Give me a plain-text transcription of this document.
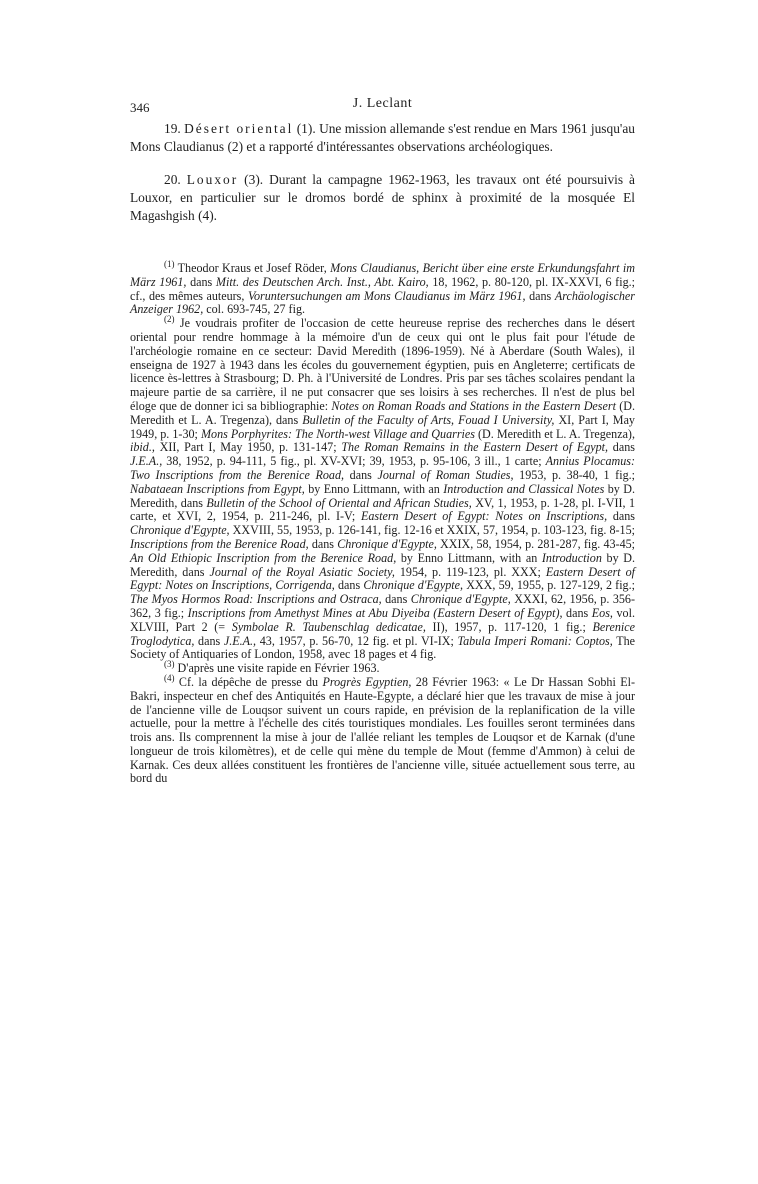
346	J. Leclant

19. Désert oriental (1). Une mission allemande s'est rendue en Mars 1961 jusqu'au Mons Claudianus (2) et a rapporté d'intéressantes observations archéologiques.

20. Louxor (3). Durant la campagne 1962-1963, les travaux ont été poursuivis à Louxor, en particulier sur le dromos bordé de sphinx à proximité de la mosquée El Magashgish (4).

$^{(1)}$ Theodor Kraus et Josef Röder, Mons Claudianus, Bericht über eine erste Erkundungsfahrt im März 1961, dans Mitt. des Deutschen Arch. Inst., Abt. Kairo, 18, 1962, p. 80-120, pl. IX-XXVI, 6 fig.; cf., des mêmes auteurs, Voruntersuchungen am Mons Claudianus im März 1961, dans Archäologischer Anzeiger 1962, col. 693-745, 27 fig.

$^{(2)}$ Je voudrais profiter de l'occasion de cette heureuse reprise des recherches dans le désert oriental pour rendre hommage à la mémoire d'un de ceux qui ont le plus fait pour l'étude de l'archéologie romaine en ce secteur: David Meredith (1896-1959). Né à Aberdare (South Wales), il enseigna de 1927 à 1943 dans les écoles du gouvernement égyptien, puis en Angleterre; certificats de licence ès-lettres à Strasbourg; D. Ph. à l'Université de Londres. Pris par ses tâches scolaires pendant la majeure partie de sa carrière, il ne put consacrer que ses loisirs à ses recherches. Il n'est de plus bel éloge que de donner ici sa bibliographie: Notes on Roman Roads and Stations in the Eastern Desert (D. Meredith et L. A. Tregenza), dans Bulletin of the Faculty of Arts, Fouad I University, XI, Part I, May 1949, p. 1-30; Mons Porphyrites: The North-west Village and Quarries (D. Meredith et L. A. Tregenza), ibid., XII, Part I, May 1950, p. 131-147; The Roman Remains in the Eastern Desert of Egypt, dans J.E.A., 38, 1952, p. 94-111, 5 fig., pl. XV-XVI; 39, 1953, p. 95-106, 3 ill., 1 carte; Annius Plocamus: Two Inscriptions from the Berenice Road, dans Journal of Roman Studies, 1953, p. 38-40, 1 fig.; Nabataean Inscriptions from Egypt, by Enno Littmann, with an Introduction and Classical Notes by D. Meredith, dans Bulletin of the School of Oriental and African Studies, XV, 1, 1953, p. 1-28, pl. I-VII, 1 carte, et XVI, 2, 1954, p. 211-246, pl. I-V; Eastern Desert of Egypt: Notes on Inscriptions, dans Chronique d'Egypte, XXVIII, 55, 1953, p. 126-141, fig. 12-16 et XXIX, 57, 1954, p. 103-123, fig. 8-15; Inscriptions from the Berenice Road, dans Chronique d'Egypte, XXIX, 58, 1954, p. 281-287, fig. 43-45; An Old Ethiopic Inscription from the Berenice Road, by Enno Littmann, with an Introduction by D. Meredith, dans Journal of the Royal Asiatic Society, 1954, p. 119-123, pl. XXX; Eastern Desert of Egypt: Notes on Inscriptions, Corrigenda, dans Chronique d'Egypte, XXX, 59, 1955, p. 127-129, 2 fig.; The Myos Hormos Road: Inscriptions and Ostraca, dans Chronique d'Egypte, XXXI, 62, 1956, p. 356-362, 3 fig.; Inscriptions from Amethyst Mines at Abu Diyeiba (Eastern Desert of Egypt), dans Eos, vol. XLVIII, Part 2 (= Symbolae R. Taubenschlag dedicatae, II), 1957, p. 117-120, 1 fig.; Berenice Troglodytica, dans J.E.A., 43, 1957, p. 56-70, 12 fig. et pl. VI-IX; Tabula Imperi Romani: Coptos, The Society of Antiquaries of London, 1958, avec 18 pages et 4 fig.

$^{(3)}$ D'après une visite rapide en Février 1963.

$^{(4)}$ Cf. la dépêche de presse du Progrès Egyptien, 28 Février 1963: « Le Dr Hassan Sobhi El-Bakri, inspecteur en chef des Antiquités en Haute-Egypte, a déclaré hier que les travaux de mise à jour de l'ancienne ville de Louqsor suivent un cours rapide, en prévision de la replanification de la ville actuelle, pour la mettre à l'échelle des cités touristiques mondiales. Les fouilles seront terminées dans trois ans. Ils comprennent la mise à jour de l'allée reliant les temples de Louqsor et de Karnak (d'une longueur de trois kilomètres), et de celle qui mène du temple de Mout (femme d'Ammon) à celui de Karnak. Ces deux allées constituent les frontières de l'ancienne ville, située actuellement sous terre, au bord du
